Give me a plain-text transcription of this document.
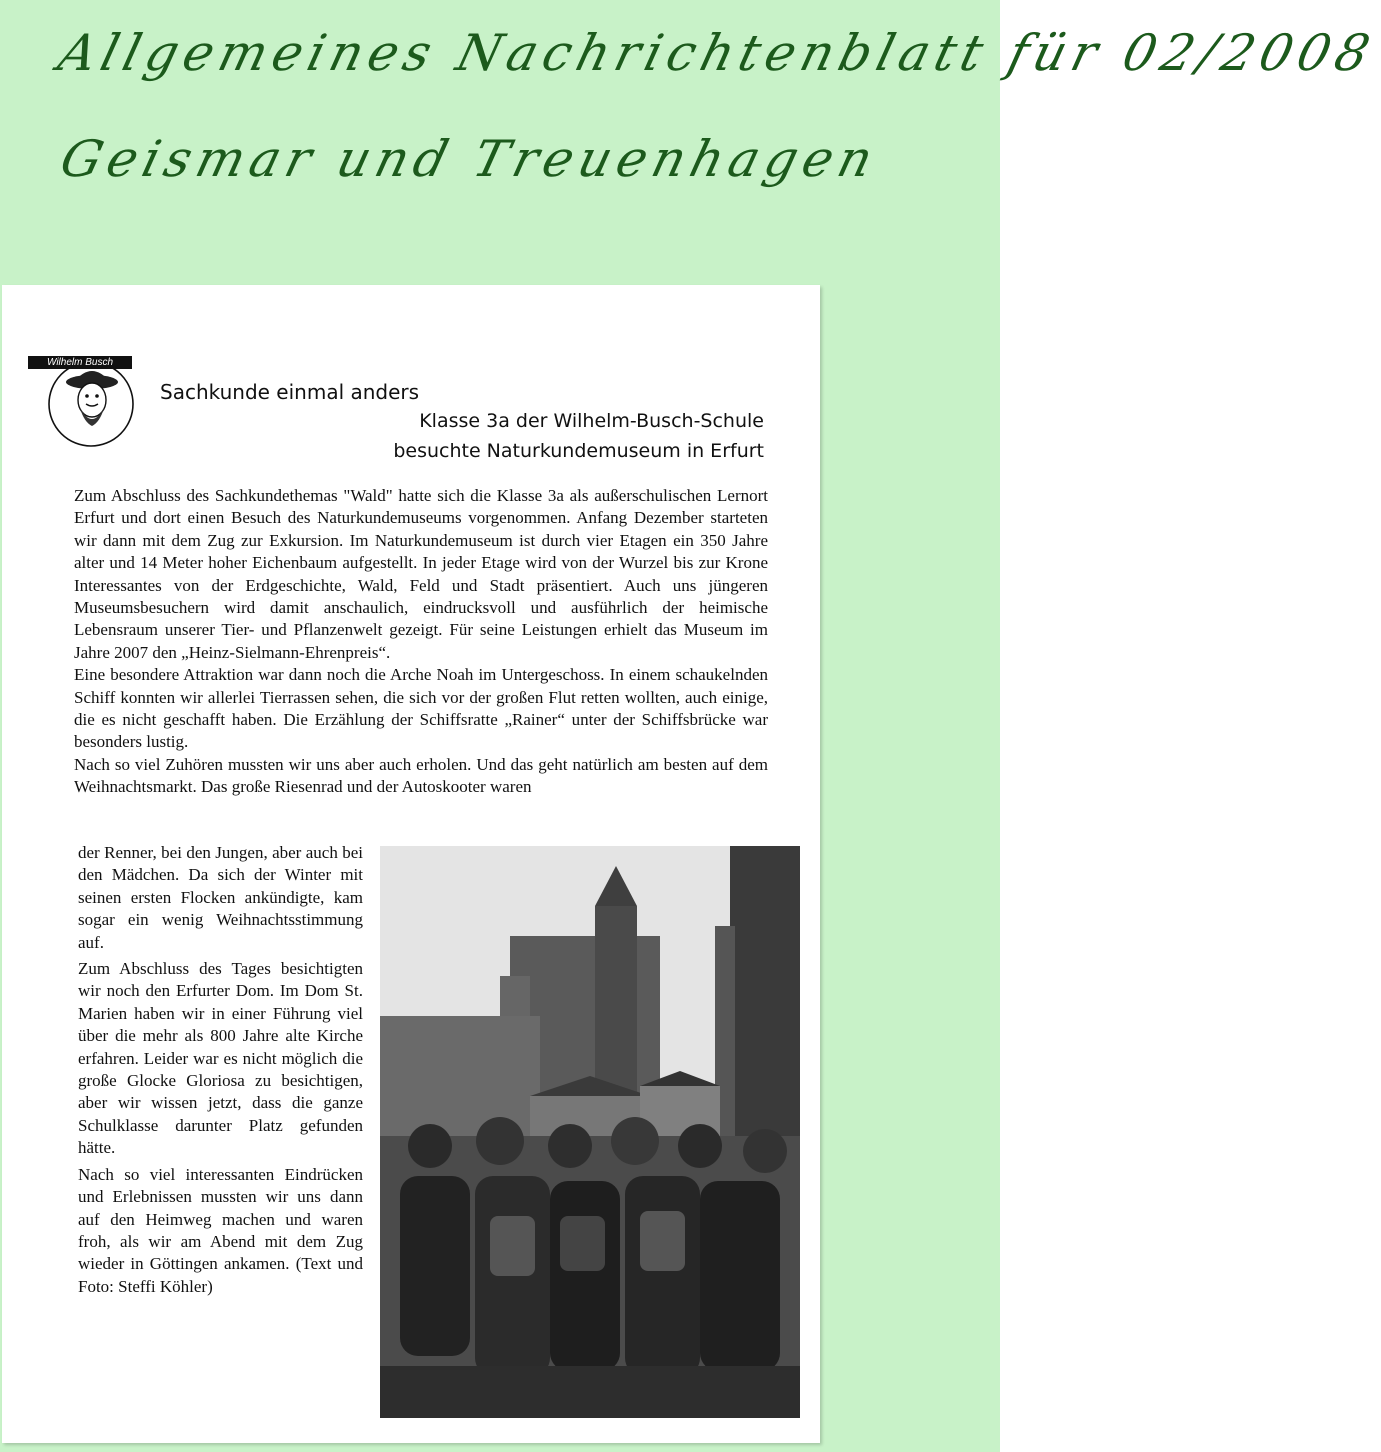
Allgemeines Nachrichtenblatt für 02/2008
Geismar und Treuenhagen
Wilhelm Busch
Sachkunde einmal anders
Klasse 3a der Wilhelm-Busch-Schule
besuchte Naturkundemuseum in Erfurt

Zum Abschluss des Sachkundethemas "Wald" hatte sich die Klasse 3a als außerschulischen Lernort Erfurt und dort einen Besuch des Naturkundemuseums vorgenommen. Anfang Dezember starteten wir dann mit dem Zug zur Exkursion. Im Naturkundemuseum ist durch vier Etagen ein 350 Jahre alter und 14 Meter hoher Eichenbaum aufgestellt. In jeder Etage wird von der Wurzel bis zur Krone Interessantes von der Erdgeschichte, Wald, Feld und Stadt präsentiert. Auch uns jüngeren Museumsbesuchern wird damit anschaulich, eindrucksvoll und ausführlich der heimische Lebensraum unserer Tier- und Pflanzenwelt gezeigt. Für seine Leistungen erhielt das Museum im Jahre 2007 den „Heinz-Sielmann-Ehrenpreis“.

Eine besondere Attraktion war dann noch die Arche Noah im Untergeschoss. In einem schaukelnden Schiff konnten wir allerlei Tierrassen sehen, die sich vor der großen Flut retten wollten, auch einige, die es nicht geschafft haben. Die Erzählung der Schiffsratte „Rainer“ unter der Schiffsbrücke war besonders lustig.

Nach so viel Zuhören mussten wir uns aber auch erholen. Und das geht natürlich am besten auf dem Weihnachtsmarkt. Das große Riesenrad und der Autoskooter waren

der Renner, bei den Jungen, aber auch bei den Mädchen. Da sich der Winter mit seinen ersten Flocken ankündigte, kam sogar ein wenig Weihnachtsstimmung auf.

Zum Abschluss des Tages besichtigten wir noch den Erfurter Dom. Im Dom St. Marien haben wir in einer Führung viel über die mehr als 800 Jahre alte Kirche erfahren. Leider war es nicht möglich die große Glocke Gloriosa zu besichtigen, aber wir wissen jetzt, dass die ganze Schulklasse darunter Platz gefunden hätte.

Nach so viel interessanten Eindrücken und Erlebnissen mussten wir uns dann auf den Heimweg machen und waren froh, als wir am Abend mit dem Zug wieder in Göttingen ankamen. (Text und Foto: Steffi Köhler)
